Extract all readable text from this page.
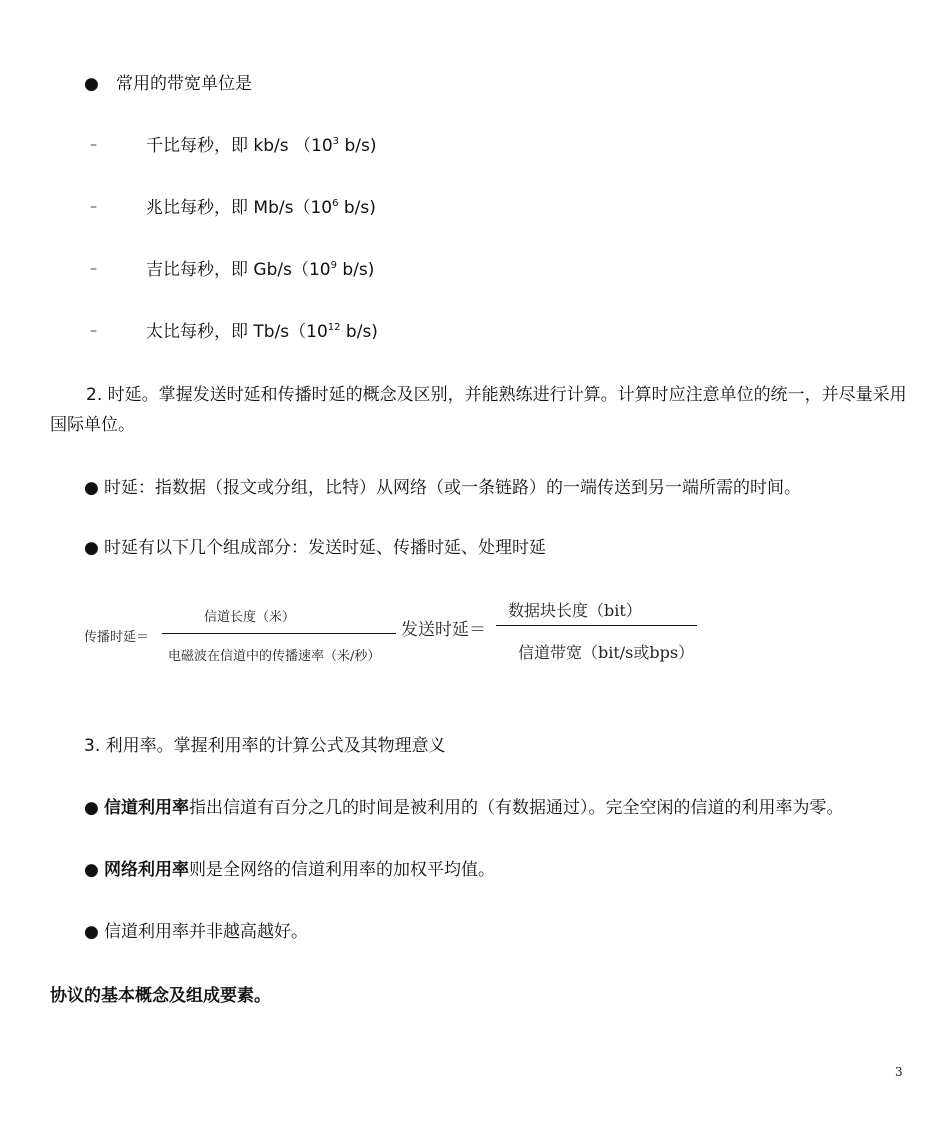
● 常用的带宽单位是
–	千比每秒，即 kb/s （$10^3$ b/s)
–	兆比每秒，即 $Mb/s(10^6$ b/s)
–	吉比每秒，即 $Gb/s(10^9$ b/s)
–	太比每秒，即 $Tb/s(10^{12}$ b/s)
2. 时延。掌握发送时延和传播时延的概念及区别，并能熟练进行计算。计算时应注意单位的统一，并尽量采用国际单位。
● 时延：指数据（报文或分组，比特）从网络（或一条链路）的一端传送到另一端所需的时间。
● 时延有以下几个组成部分：发送时延、传播时延、处理时延
传播时延＝
信道长度（米）
电磁波在信道中的传播速率（米/秒）
发送时延＝
数据块长度（bit）
信道带宽（bit/s或bps）
3. 利用率。掌握利用率的计算公式及其物理意义
● 信道利用率指出信道有百分之几的时间是被利用的（有数据通过）。完全空闲的信道的利用率为零。
● 网络利用率则是全网络的信道利用率的加权平均值。
● 信道利用率并非越高越好。
协议的基本概念及组成要素。
3
